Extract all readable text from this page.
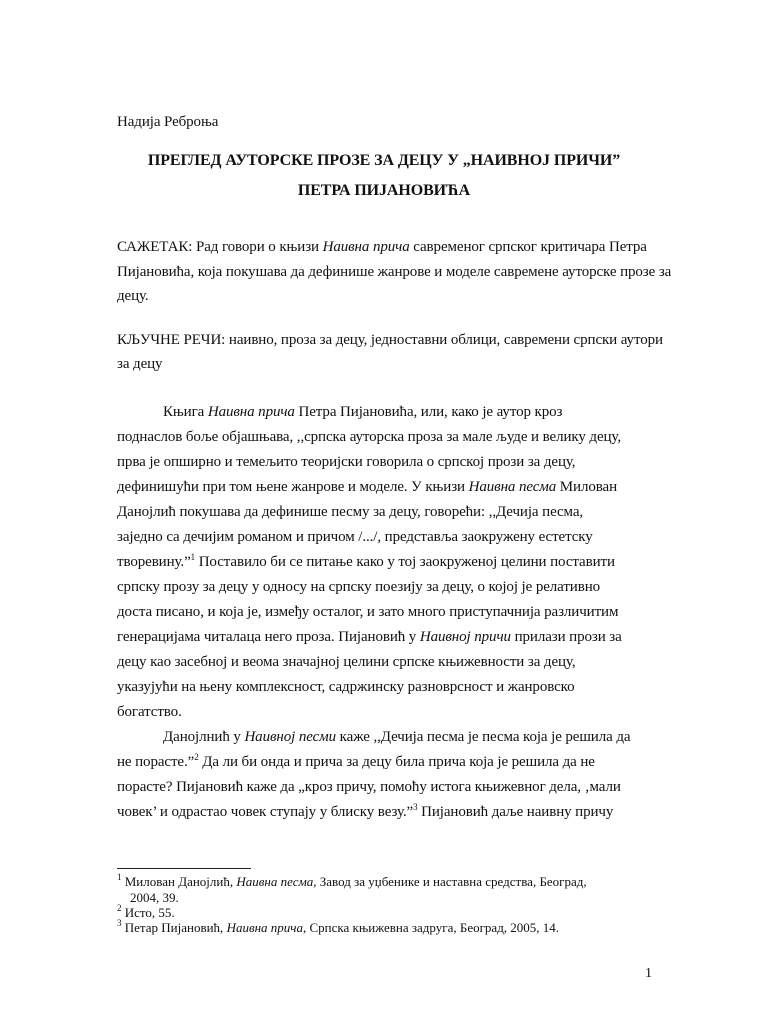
Надија Реброња
ПРЕГЛЕД АУТОРСКЕ ПРОЗЕ ЗА ДЕЦУ У „НАИВНОЈ ПРИЧИ”
ПЕТРА ПИЈАНОВИЋА
САЖЕТАК: Рад говори о књизи Наивна прича савременог српског критичара Петра
Пијановића, која покушава да дефинише жанрове и моделе савремене ауторске прозе за
децу.
КЉУЧНЕ РЕЧИ: наивно, проза за децу, једноставни облици, савремени српски аутори
за децу
Књига Наивна прича Петра Пијановића, или, како је аутор кроз
поднаслов боље објашњава, ,,српска ауторска проза за мале људе и велику децу,
прва је опширно и темељито теоријски говорила о српској прози за децу,
дефинишући при том њене жанрове и моделе. У књизи Наивна песма Милован
Данојлић покушава да дефинише песму за децу, говорећи: ,,Дечија песма,
заједно са дечијим романом и причом /.../, представља заокружену естетску
творевину.”$^1$ Поставило би се питање како у тој заокруженој целини поставити
српску прозу за децу у односу на српску поезију за децу, о којој је релативно
доста писано, и која је, између осталог, и зато много приступачнија различитим
генерацијама читалаца него проза. Пијановић у Наивној причи прилази прози за
децу као засебној и веома значајној целини српске књижевности за децу,
указујући на њену комплексност, садржинску разноврсност и жанровско
богатство.
Данојлнић у Наивној песми каже ,,Дечија песма је песма која је решила да
не порасте.”$^2$ Да ли би онда и прича за децу била прича која је решила да не
порасте? Пијановић каже да „кроз причу, помоћу истога књижевног дела, ‚мали
човек’ и одрастао човек ступају у блиску везу.”$^3$ Пијановић даље наивну причу
$^1$ Милован Данојлић, Наивна песма, Завод за уџбенике и наставна средства, Београд,
2004, 39.
$^2$ Исто, 55.
$^3$ Петар Пијановић, Наивна прича, Српска књижевна задруга, Београд, 2005, 14.
1
